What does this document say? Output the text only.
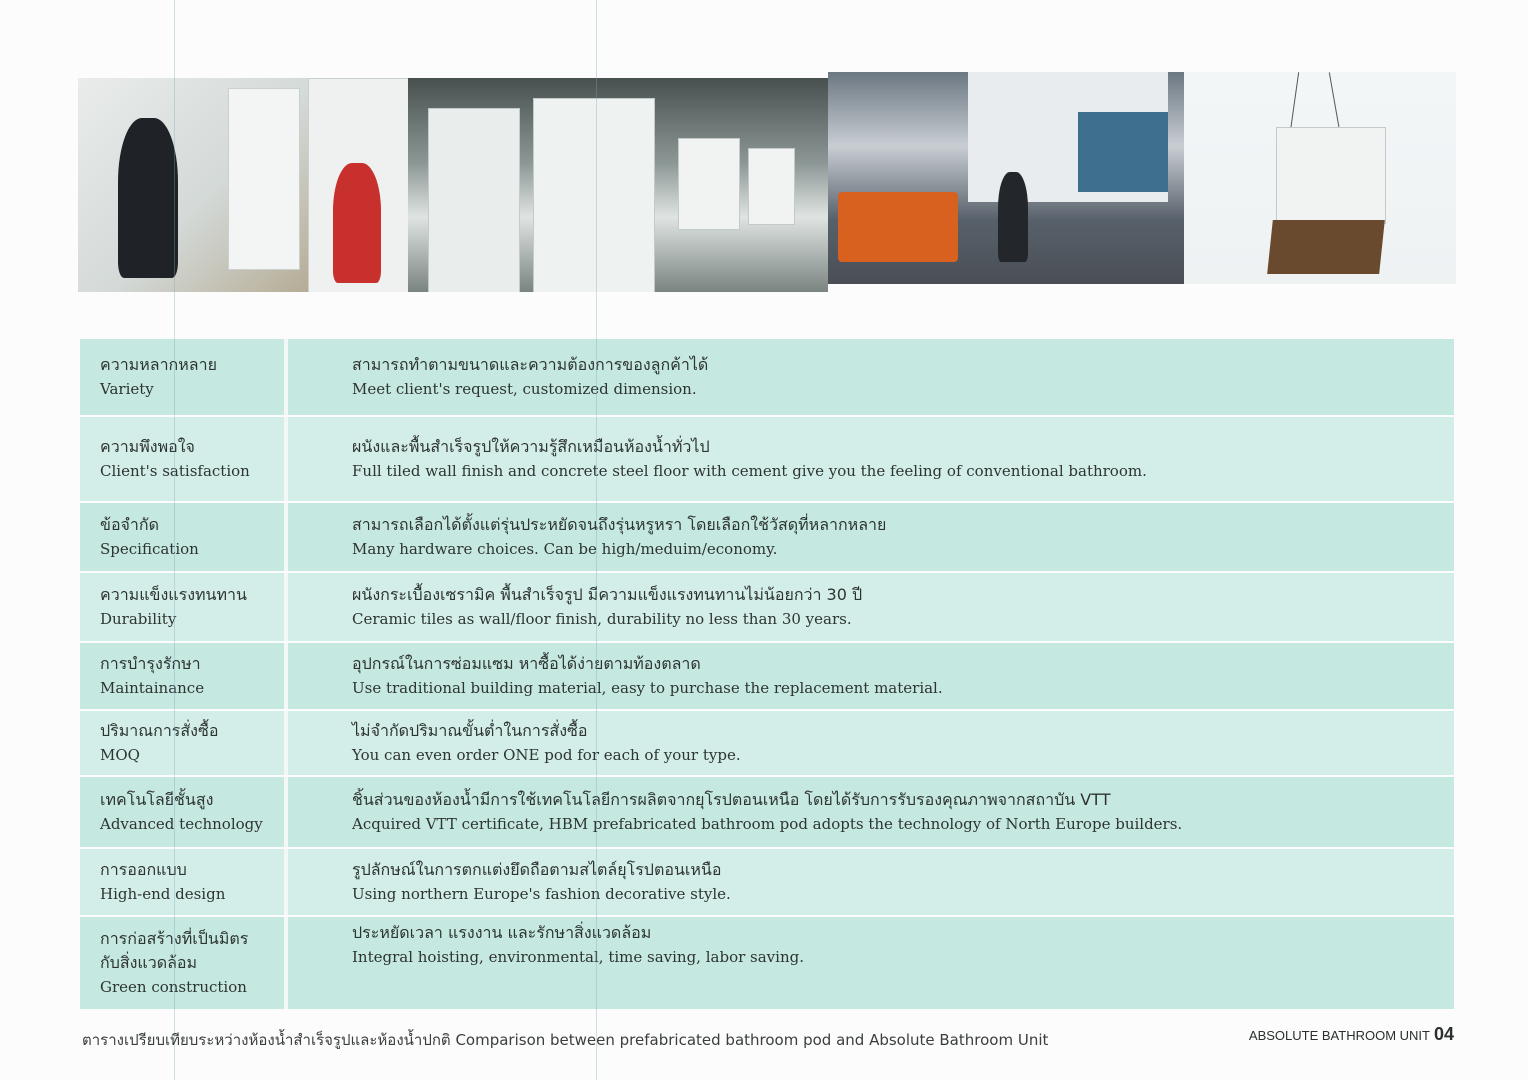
ความหลากหลาย
Variety
สามารถทำตามขนาดและความต้องการของลูกค้าได้
Meet client's request, customized dimension.
ความพึงพอใจ
Client's satisfaction
ผนังและพื้นสำเร็จรูปให้ความรู้สึกเหมือนห้องน้ำทั่วไป
Full tiled wall finish and concrete steel floor with cement give you the feeling of conventional bathroom.
ข้อจำกัด
Specification
สามารถเลือกได้ตั้งแต่รุ่นประหยัดจนถึงรุ่นหรูหรา โดยเลือกใช้วัสดุที่หลากหลาย
Many hardware choices. Can be high/meduim/economy.
ความแข็งแรงทนทาน
Durability
ผนังกระเบื้องเซรามิค พื้นสำเร็จรูป มีความแข็งแรงทนทานไม่น้อยกว่า 30 ปี
Ceramic tiles as wall/floor finish, durability no less than 30 years.
การบำรุงรักษา
Maintainance
อุปกรณ์ในการซ่อมแซม หาซื้อได้ง่ายตามท้องตลาด
Use traditional building material, easy to purchase the replacement material.
ปริมาณการสั่งซื้อ
MOQ
ไม่จำกัดปริมาณขั้นต่ำในการสั่งซื้อ
You can even order ONE pod for each of your type.
เทคโนโลยีชั้นสูง
Advanced technology
ชิ้นส่วนของห้องน้ำมีการใช้เทคโนโลยีการผลิตจากยุโรปตอนเหนือ โดยได้รับการรับรองคุณภาพจากสถาบัน VTT
Acquired VTT certificate, HBM prefabricated bathroom pod adopts the technology of North Europe builders.
การออกแบบ
High-end design
รูปลักษณ์ในการตกแต่งยึดถือตามสไตล์ยุโรปตอนเหนือ
Using northern Europe's fashion decorative style.
การก่อสร้างที่เป็นมิตร
กับสิ่งแวดล้อม
Green construction
ประหยัดเวลา แรงงาน และรักษาสิ่งแวดล้อม
Integral hoisting, environmental, time saving, labor saving.
ตารางเปรียบเทียบระหว่างห้องน้ำสำเร็จรูปและห้องน้ำปกติ Comparison between prefabricated bathroom pod and Absolute Bathroom Unit	ABSOLUTE BATHROOM UNIT 04
